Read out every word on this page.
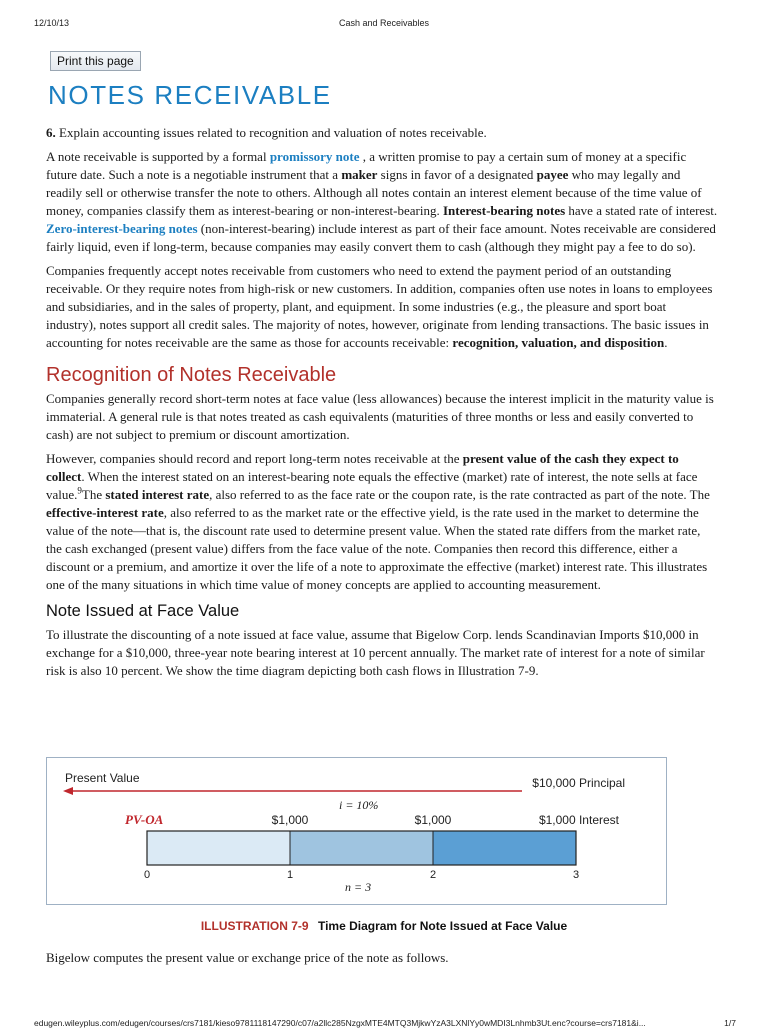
12/10/13	Cash and Receivables
Print this page
NOTES RECEIVABLE

6. Explain accounting issues related to recognition and valuation of notes receivable.

A note receivable is supported by a formal promissory note , a written promise to pay a certain sum of money at a specific future date. Such a note is a negotiable instrument that a maker signs in favor of a designated payee who may legally and readily sell or otherwise transfer the note to others. Although all notes contain an interest element because of the time value of money, companies classify them as interest-bearing or non-interest-bearing. Interest-bearing notes have a stated rate of interest. Zero-interest-bearing notes (non-interest-bearing) include interest as part of their face amount. Notes receivable are considered fairly liquid, even if long-term, because companies may easily convert them to cash (although they might pay a fee to do so).

Companies frequently accept notes receivable from customers who need to extend the payment period of an outstanding receivable. Or they require notes from high-risk or new customers. In addition, companies often use notes in loans to employees and subsidiaries, and in the sales of property, plant, and equipment. In some industries (e.g., the pleasure and sport boat industry), notes support all credit sales. The majority of notes, however, originate from lending transactions. The basic issues in accounting for notes receivable are the same as those for accounts receivable: recognition, valuation, and disposition.

Recognition of Notes Receivable

Companies generally record short-term notes at face value (less allowances) because the interest implicit in the maturity value is immaterial. A general rule is that notes treated as cash equivalents (maturities of three months or less and easily converted to cash) are not subject to premium or discount amortization.

However, companies should record and report long-term notes receivable at the present value of the cash they expect to collect. When the interest stated on an interest-bearing note equals the effective (market) rate of interest, the note sells at face value.$^9$The stated interest rate, also referred to as the face rate or the coupon rate, is the rate contracted as part of the note. The effective-interest rate, also referred to as the market rate or the effective yield, is the rate used in the market to determine the value of the note—that is, the discount rate used to determine present value. When the stated rate differs from the market rate, the cash exchanged (present value) differs from the face value of the note. Companies then record this difference, either a discount or a premium, and amortize it over the life of a note to approximate the effective (market) interest rate. This illustrates one of the many situations in which time value of money concepts are applied to accounting measurement.

Note Issued at Face Value

To illustrate the discounting of a note issued at face value, assume that Bigelow Corp. lends Scandinavian Imports $10,000 in exchange for a $10,000, three-year note bearing interest at 10 percent annually. The market rate of interest for a note of similar risk is also 10 percent. We show the time diagram depicting both cash flows in Illustration 7-9.

Present Value	$10,000 Principal
i = 10%
PV-OA	$1,000	$1,000	$1,000 Interest
0	1	2	3
n = 3
ILLUSTRATION 7-9 Time Diagram for Note Issued at Face Value
Bigelow computes the present value or exchange price of the note as follows.
edugen.wileyplus.com/edugen/courses/crs7181/kieso9781118147290/c07/a2llc285NzgxMTE4MTQ3MjkwYzA3LXNlYy0wMDI3Lnhmb3Ut.enc?course=crs7181&i...	1/7
